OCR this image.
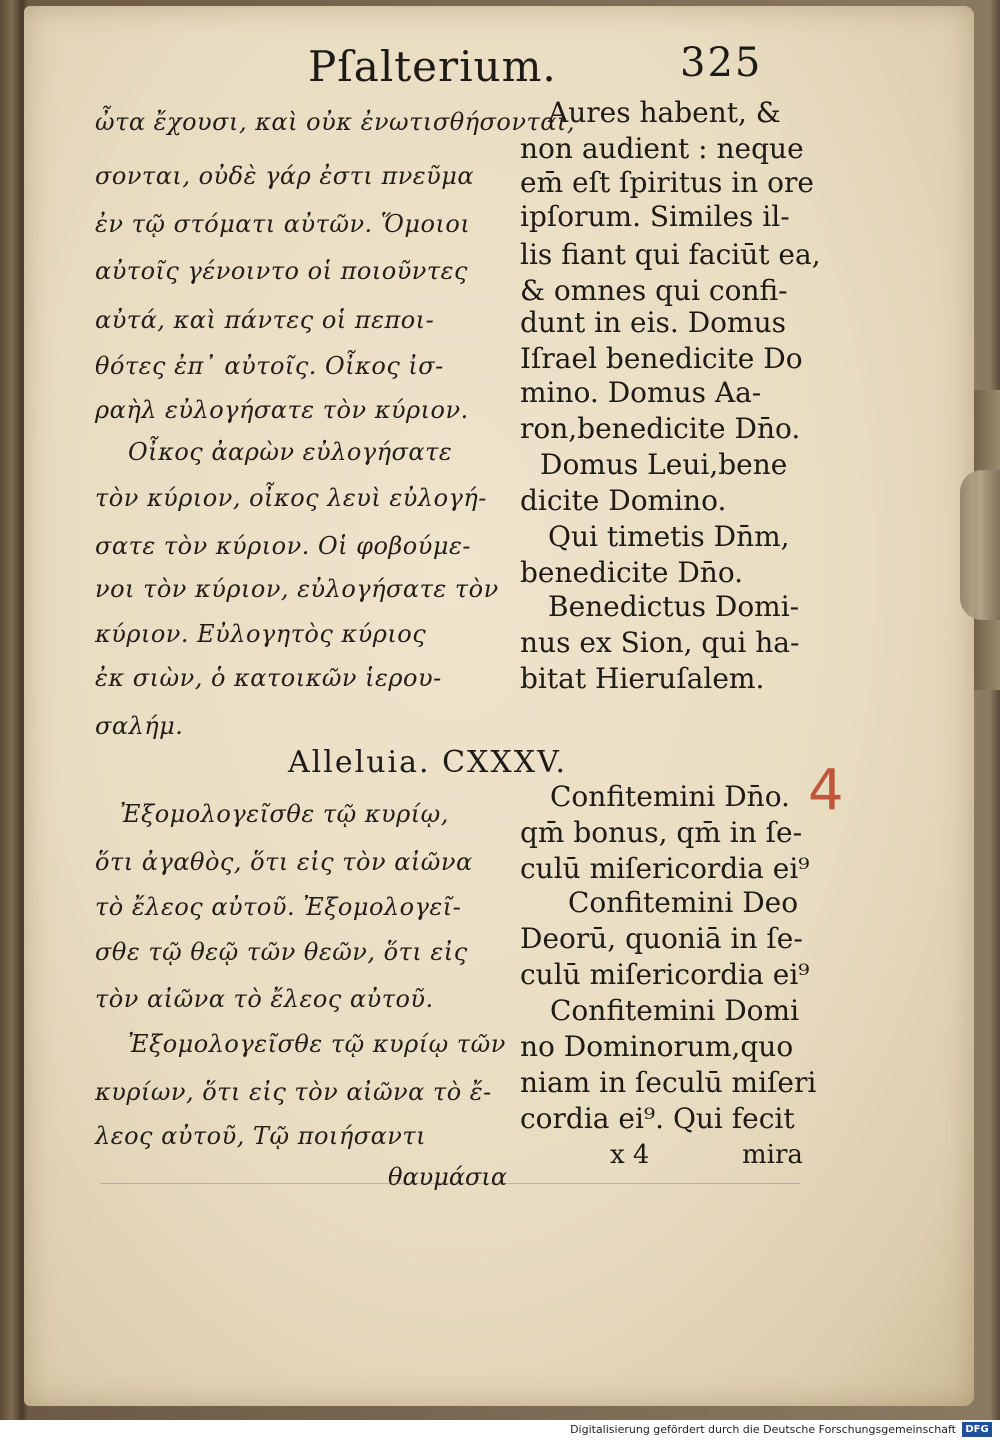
Pſalterium.	325
ὦτα ἔχουσι, καὶ οὐκ ἐνωτισθήσονται,
σονται, οὐδὲ γάρ ἐστι πνεῦμα
ἐν τῷ στόματι αὐτῶν. Ὅμοιοι
αὐτοῖς γένοιντο οἱ ποιοῦντες
αὐτά, καὶ πάντες οἱ πεποι-
θότες ἐπ᾿ αὐτοῖς. Οἶκος ἰσ-
ραὴλ εὐλογήσατε τὸν κύριον.
Οἶκος ἀαρὼν εὐλογήσατε
τὸν κύριον, οἶκος λευὶ εὐλογή-
σατε τὸν κύριον. Οἱ φοβούμε-
νοι τὸν κύριον, εὐλογήσατε τὸν
κύριον. Εὐλογητὸς κύριος
ἐκ σιὼν, ὁ κατοικῶν ἱερου-
σαλήμ.
Aures habent, &
non audient : neque
em̄ eſt ſpiritus in ore
ipſorum. Similes il-
lis fiant qui faciūt ea,
& omnes qui confi-
dunt in eis. Domus
Iſrael benedicite Do
mino. Domus Aa-
ron,benedicite Dn̄o.
Domus Leui,bene
dicite Domino.
Qui timetis Dn̄m,
benedicite Dn̄o.
Benedictus Domi-
nus ex Sion, qui ha-
bitat Hieruſalem.
Alleluia. CXXXV.	4
Ἐξομολογεῖσθε τῷ κυρίῳ,
ὅτι ἀγαθὸς, ὅτι εἰς τὸν αἰῶνα
τὸ ἔλεος αὐτοῦ. Ἐξομολογεῖ-
σθε τῷ θεῷ τῶν θεῶν, ὅτι εἰς
τὸν αἰῶνα τὸ ἔλεος αὐτοῦ.
Ἐξομολογεῖσθε τῷ κυρίῳ τῶν
κυρίων, ὅτι εἰς τὸν αἰῶνα τὸ ἔ-
λεος αὐτοῦ, Τῷ ποιήσαντι
Confitemini Dn̄o.
qm̄ bonus, qm̄ in ſe-
culū miſericordia ei⁹
Confitemini Deo
Deorū, quoniā in ſe-
culū miſericordia ei⁹
Confitemini Domi
no Dominorum,quo
niam in ſeculū miſeri
cordia ei⁹. Qui fecit
x 4	mira
θαυμάσια
Digitalisierung gefördert durch die Deutsche Forschungsgemeinschaft DFG
